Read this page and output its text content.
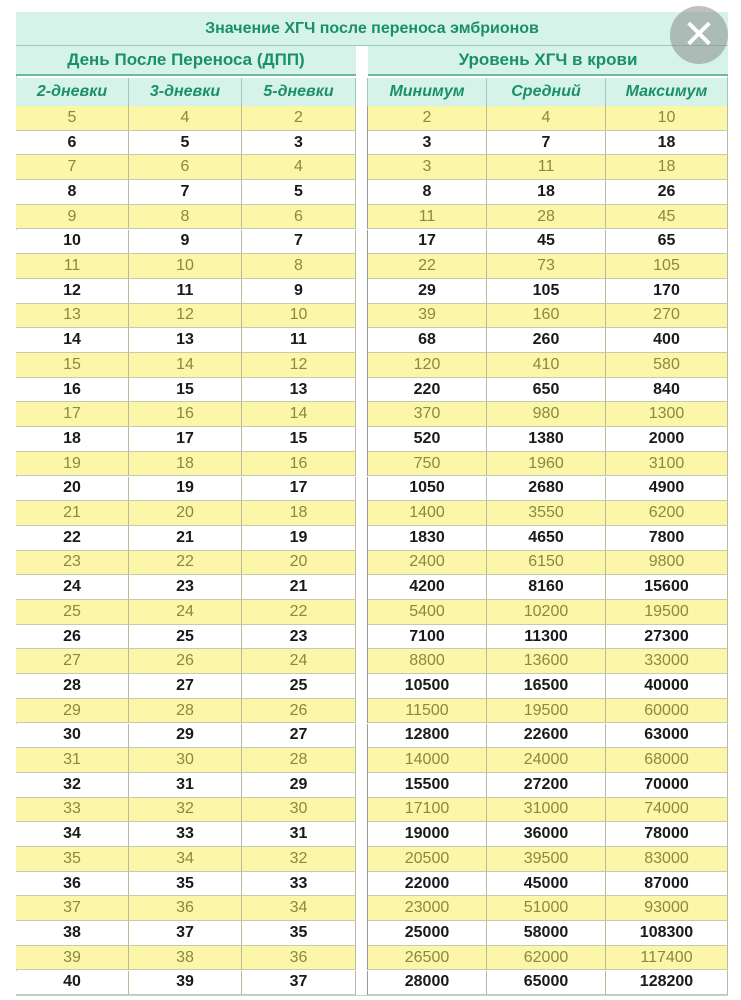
Значение ХГЧ после переноса эмбрионов
День После Переноса (ДПП)	Уровень ХГЧ в крови
2-дневки	3-дневки	5-дневки	Минимум	Средний	Максимум
5	4	2	2	4	10
6	5	3	3	7	18
7	6	4	3	11	18
8	7	5	8	18	26
9	8	6	11	28	45
10	9	7	17	45	65
11	10	8	22	73	105
12	11	9	29	105	170
13	12	10	39	160	270
14	13	11	68	260	400
15	14	12	120	410	580
16	15	13	220	650	840
17	16	14	370	980	1300
18	17	15	520	1380	2000
19	18	16	750	1960	3100
20	19	17	1050	2680	4900
21	20	18	1400	3550	6200
22	21	19	1830	4650	7800
23	22	20	2400	6150	9800
24	23	21	4200	8160	15600
25	24	22	5400	10200	19500
26	25	23	7100	11300	27300
27	26	24	8800	13600	33000
28	27	25	10500	16500	40000
29	28	26	11500	19500	60000
30	29	27	12800	22600	63000
31	30	28	14000	24000	68000
32	31	29	15500	27200	70000
33	32	30	17100	31000	74000
34	33	31	19000	36000	78000
35	34	32	20500	39500	83000
36	35	33	22000	45000	87000
37	36	34	23000	51000	93000
38	37	35	25000	58000	108300
39	38	36	26500	62000	117400
40	39	37	28000	65000	128200
✕
